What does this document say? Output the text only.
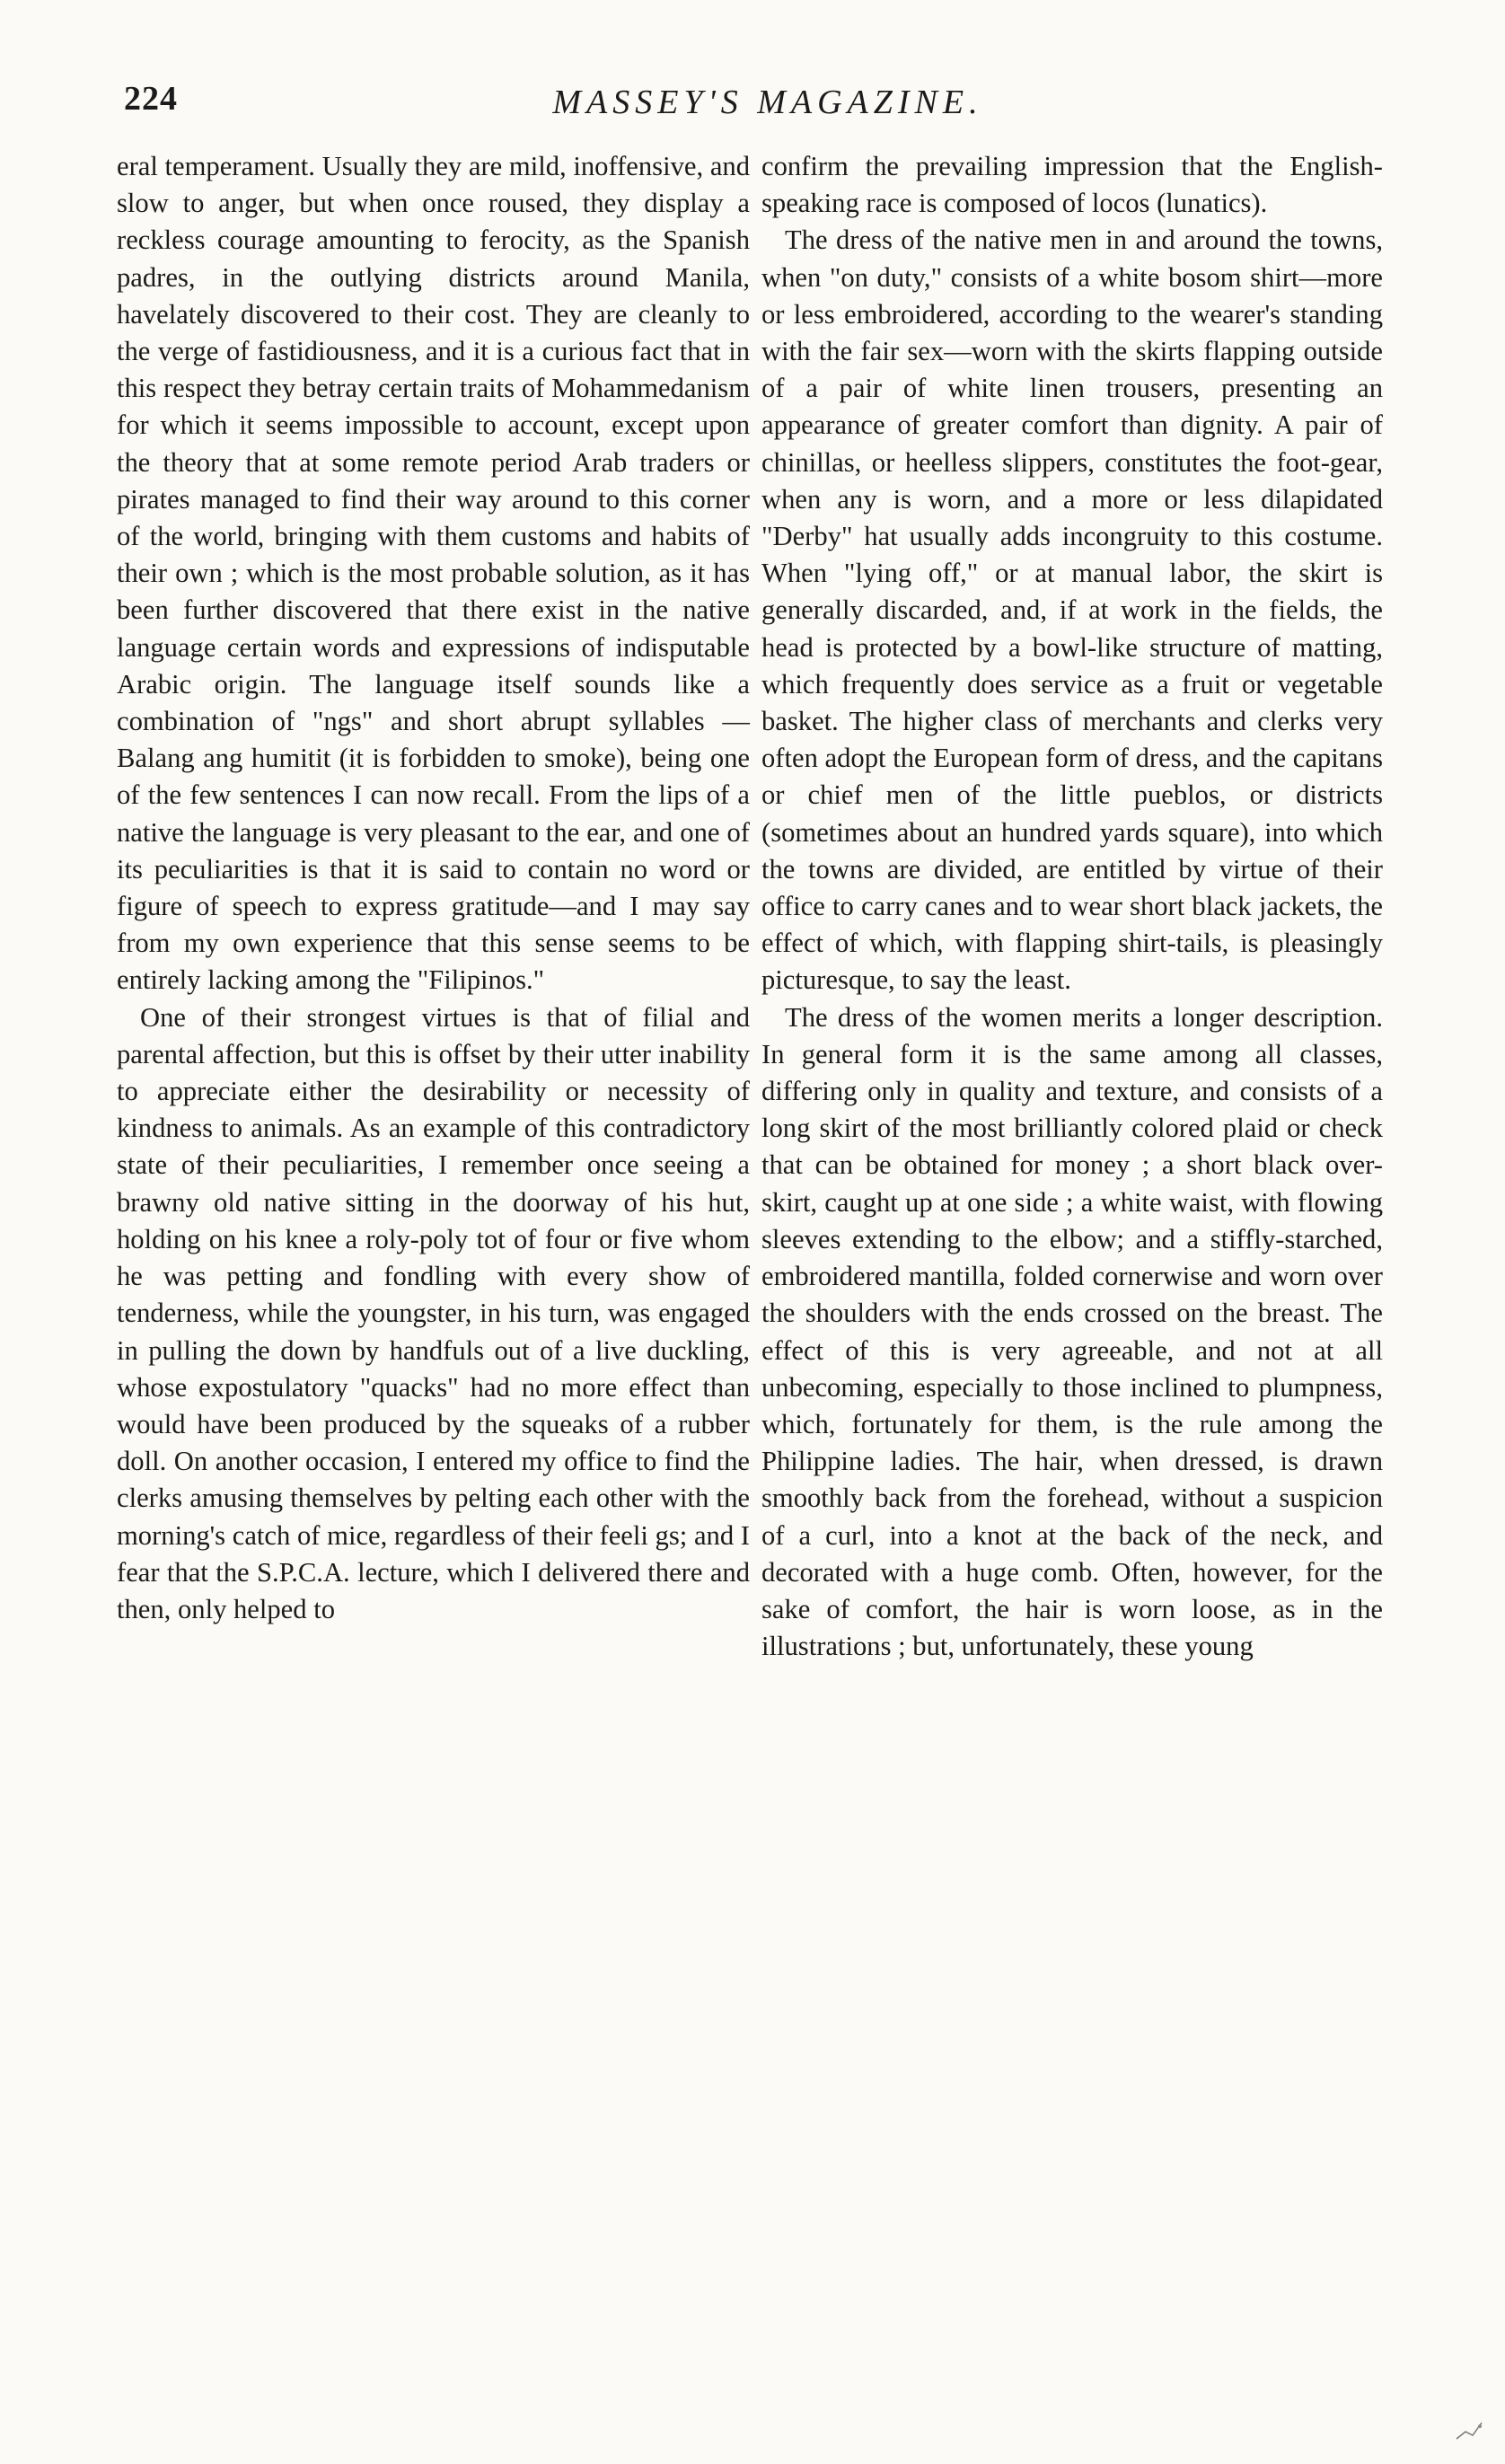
224	MASSEY'S MAGAZINE.

eral temperament. Usually they are mild, inoffensive, and slow to anger, but when once roused, they display a reckless courage amounting to ferocity, as the Spanish padres, in the outlying districts around Manila, havelately discovered to their cost. They are cleanly to the verge of fastidiousness, and it is a curious fact that in this respect they betray certain traits of Mohammedanism for which it seems impossible to account, except upon the theory that at some remote period Arab traders or pirates managed to find their way around to this corner of the world, bringing with them customs and habits of their own ; which is the most probable solution, as it has been further discovered that there exist in the native language certain words and expressions of indisputable Arabic origin. The language itself sounds like a combination of "ngs" and short abrupt syllables — Balang ang humitit (it is forbidden to smoke), being one of the few sentences I can now recall. From the lips of a native the language is very pleasant to the ear, and one of its peculiarities is that it is said to contain no word or figure of speech to express gratitude—and I may say from my own experience that this sense seems to be entirely lacking among the "Filipinos."

One of their strongest virtues is that of filial and parental affection, but this is offset by their utter inability to appreciate either the desirability or necessity of kindness to animals. As an example of this contradictory state of their peculiarities, I remember once seeing a brawny old native sitting in the doorway of his hut, holding on his knee a roly-poly tot of four or five whom he was petting and fondling with every show of tenderness, while the youngster, in his turn, was engaged in pulling the down by handfuls out of a live duckling, whose expostulatory "quacks" had no more effect than would have been produced by the squeaks of a rubber doll. On another occasion, I entered my office to find the clerks amusing themselves by pelting each other with the morning's catch of mice, regardless of their feeli gs; and I fear that the S.P.C.A. lecture, which I delivered there and then, only helped to

confirm the prevailing impression that the English-speaking race is composed of locos (lunatics).

The dress of the native men in and around the towns, when "on duty," consists of a white bosom shirt—more or less embroidered, according to the wearer's standing with the fair sex—worn with the skirts flapping outside of a pair of white linen trousers, presenting an appearance of greater comfort than dignity. A pair of chinillas, or heelless slippers, constitutes the foot-gear, when any is worn, and a more or less dilapidated "Derby" hat usually adds incongruity to this costume. When "lying off," or at manual labor, the skirt is generally discarded, and, if at work in the fields, the head is protected by a bowl-like structure of matting, which frequently does service as a fruit or vegetable basket. The higher class of merchants and clerks very often adopt the European form of dress, and the capitans or chief men of the little pueblos, or districts (sometimes about an hundred yards square), into which the towns are divided, are entitled by virtue of their office to carry canes and to wear short black jackets, the effect of which, with flapping shirt-tails, is pleasingly picturesque, to say the least.

The dress of the women merits a longer description. In general form it is the same among all classes, differing only in quality and texture, and consists of a long skirt of the most brilliantly colored plaid or check that can be obtained for money ; a short black over-skirt, caught up at one side ; a white waist, with flowing sleeves extending to the elbow; and a stiffly-starched, embroidered mantilla, folded cornerwise and worn over the shoulders with the ends crossed on the breast. The effect of this is very agreeable, and not at all unbecoming, especially to those inclined to plumpness, which, fortunately for them, is the rule among the Philippine ladies. The hair, when dressed, is drawn smoothly back from the forehead, without a suspicion of a curl, into a knot at the back of the neck, and decorated with a huge comb. Often, however, for the sake of comfort, the hair is worn loose, as in the illustrations ; but, unfortunately, these young
